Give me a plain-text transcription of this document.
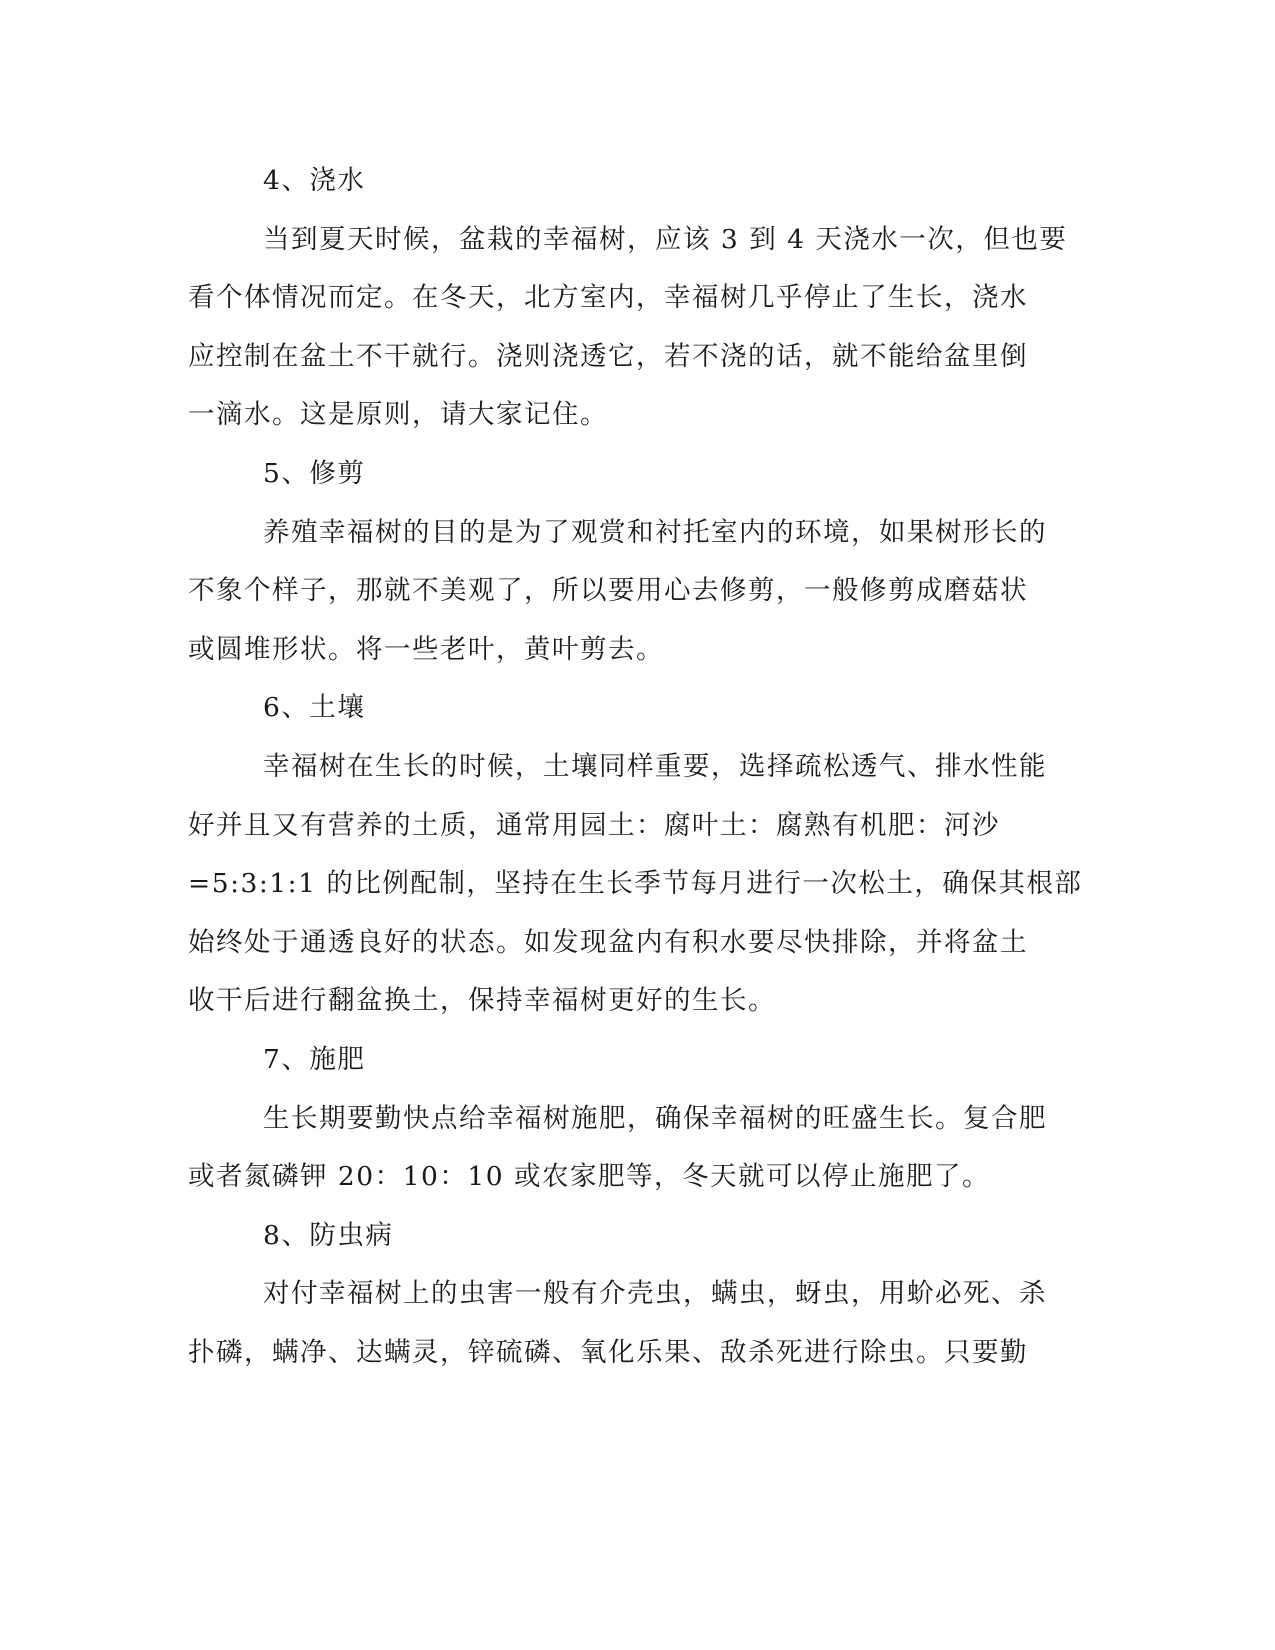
4、浇水
当到夏天时候，盆栽的幸福树，应该 3 到 4 天浇水一次，但也要
看个体情况而定。在冬天，北方室内，幸福树几乎停止了生长，浇水
应控制在盆土不干就行。浇则浇透它，若不浇的话，就不能给盆里倒
一滴水。这是原则，请大家记住。
5、修剪
养殖幸福树的目的是为了观赏和衬托室内的环境，如果树形长的
不象个样子，那就不美观了，所以要用心去修剪，一般修剪成磨菇状
或圆堆形状。将一些老叶，黄叶剪去。
6、土壤
幸福树在生长的时候，土壤同样重要，选择疏松透气、排水性能
好并且又有营养的土质，通常用园土：腐叶土：腐熟有机肥：河沙
=5:3:1:1 的比例配制，坚持在生长季节每月进行一次松土，确保其根部
始终处于通透良好的状态。如发现盆内有积水要尽快排除，并将盆土
收干后进行翻盆换土，保持幸福树更好的生长。
7、施肥
生长期要勤快点给幸福树施肥，确保幸福树的旺盛生长。复合肥
或者氮磷钾 20：10：10 或农家肥等，冬天就可以停止施肥了。
8、防虫病
对付幸福树上的虫害一般有介壳虫，螨虫，蚜虫，用蚧必死、杀
扑磷，螨净、达螨灵，锌硫磷、氧化乐果、敌杀死进行除虫。只要勤
